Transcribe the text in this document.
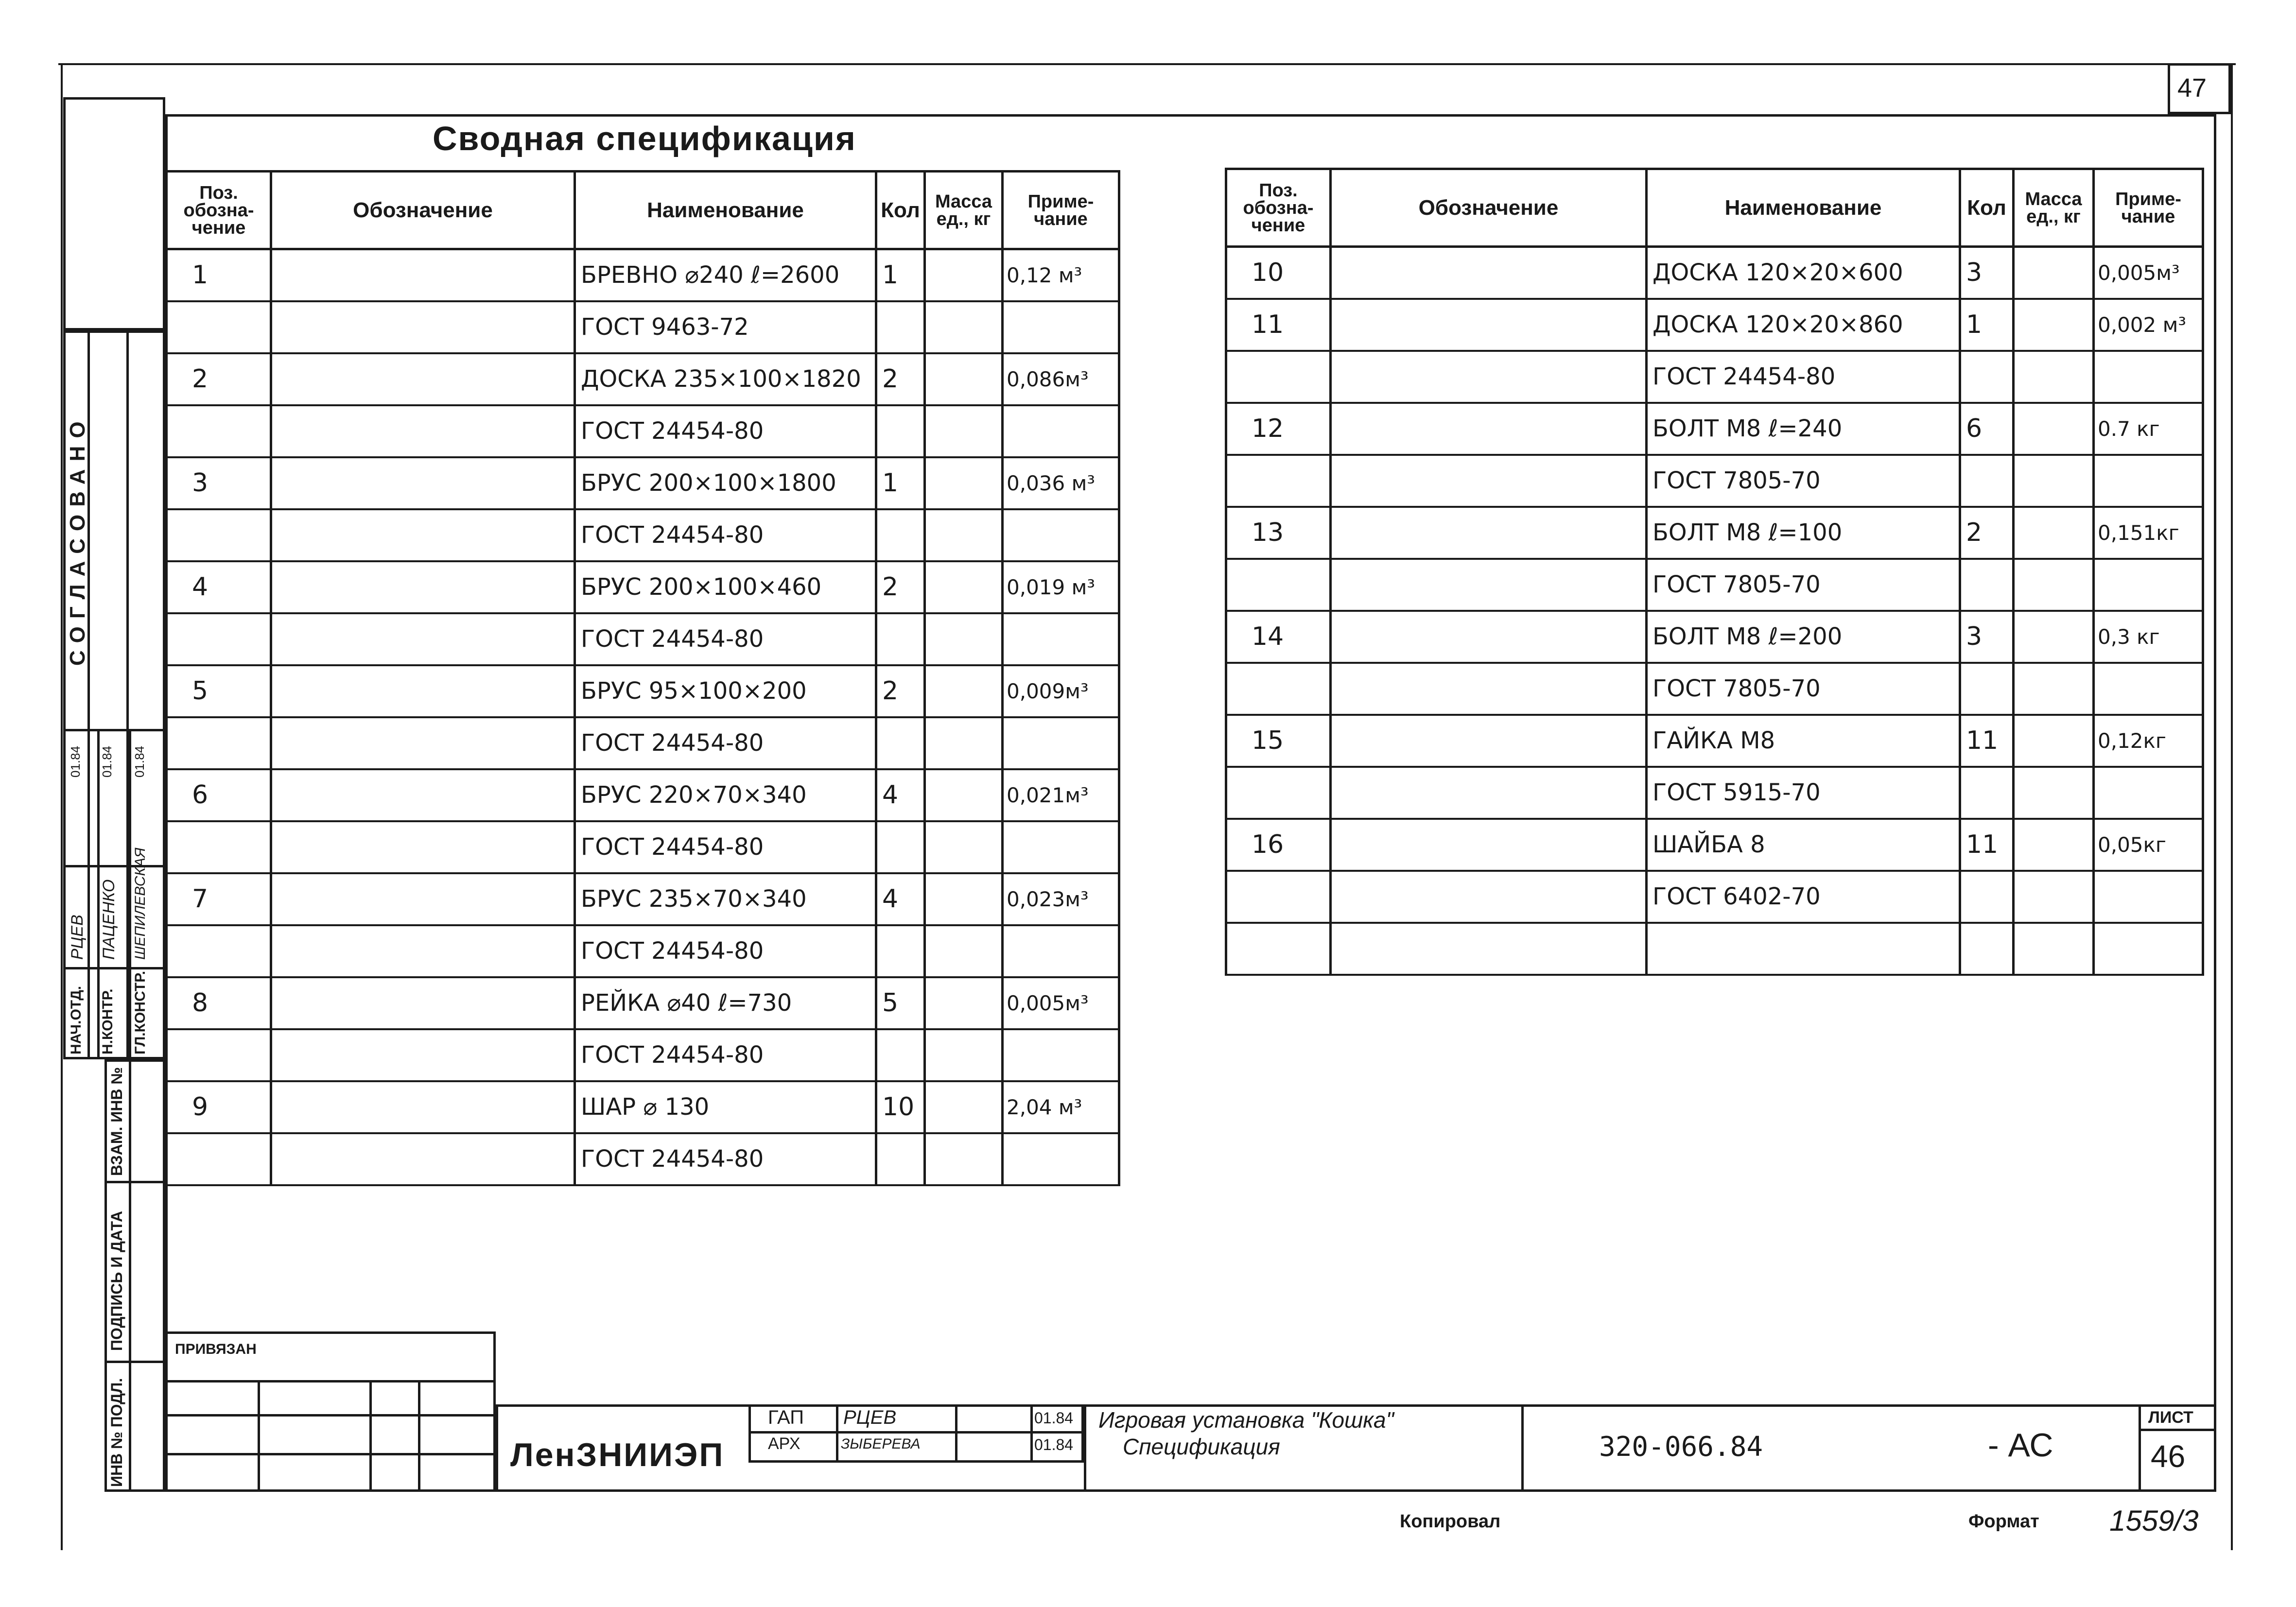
47
Сводная спецификация
Поз. обозна- чение	Обозначение	Наименование	Кол	Масса ед., кг	Приме- чание
1		БРЕВНО ⌀240 ℓ=2600	1		0,12 м³
		ГОСТ 9463-72			
2		ДОСКА 235×100×1820	2		0,086м³
		ГОСТ 24454-80			
3		БРУС 200×100×1800	1		0,036 м³
		ГОСТ 24454-80			
4		БРУС 200×100×460	2		0,019 м³
		ГОСТ 24454-80			
5		БРУС 95×100×200	2		0,009м³
		ГОСТ 24454-80			
6		БРУС 220×70×340	4		0,021м³
		ГОСТ 24454-80			
7		БРУС 235×70×340	4		0,023м³
		ГОСТ 24454-80			
8		РЕЙКА ⌀40 ℓ=730	5		0,005м³
		ГОСТ 24454-80			
9		ШАР ⌀ 130	10		2,04 м³
		ГОСТ 24454-80			
Поз. обозна- чение	Обозначение	Наименование	Кол	Масса ед., кг	Приме- чание
10		ДОСКА 120×20×600	3		0,005м³
11		ДОСКА 120×20×860	1		0,002 м³
		ГОСТ 24454-80			
12		БОЛТ М8 ℓ=240	6		0.7 кг
		ГОСТ 7805-70			
13		БОЛТ М8 ℓ=100	2		0,151кг
		ГОСТ 7805-70			
14		БОЛТ М8 ℓ=200	3		0,3 кг
		ГОСТ 7805-70			
15		ГАЙКА М8	11		0,12кг
		ГОСТ 5915-70			
16		ШАЙБА 8	11		0,05кг
		ГОСТ 6402-70			

СОГЛАСОВАНО
НАЧ.ОТД. Н.КОНТР. ГЛ.КОНСТР.
РЦЕВ ПАЦЕНКО ШЕПИЛЕВСКАЯ
01.84 01.84 01.84
ВЗАМ. ИНВ №
ПОДПИСЬ И ДАТА
ИНВ № ПОДЛ.
ПРИВЯЗАН
ЛенЗНИИЭП
ГАП РЦЕВ	01.84
АРХ	ЗЫБЕРЕВА	01.84
Игровая установка "Кошка"
Спецификация	320-066.84	- АС
ЛИСТ
46
Копировал	Формат 1559/3
